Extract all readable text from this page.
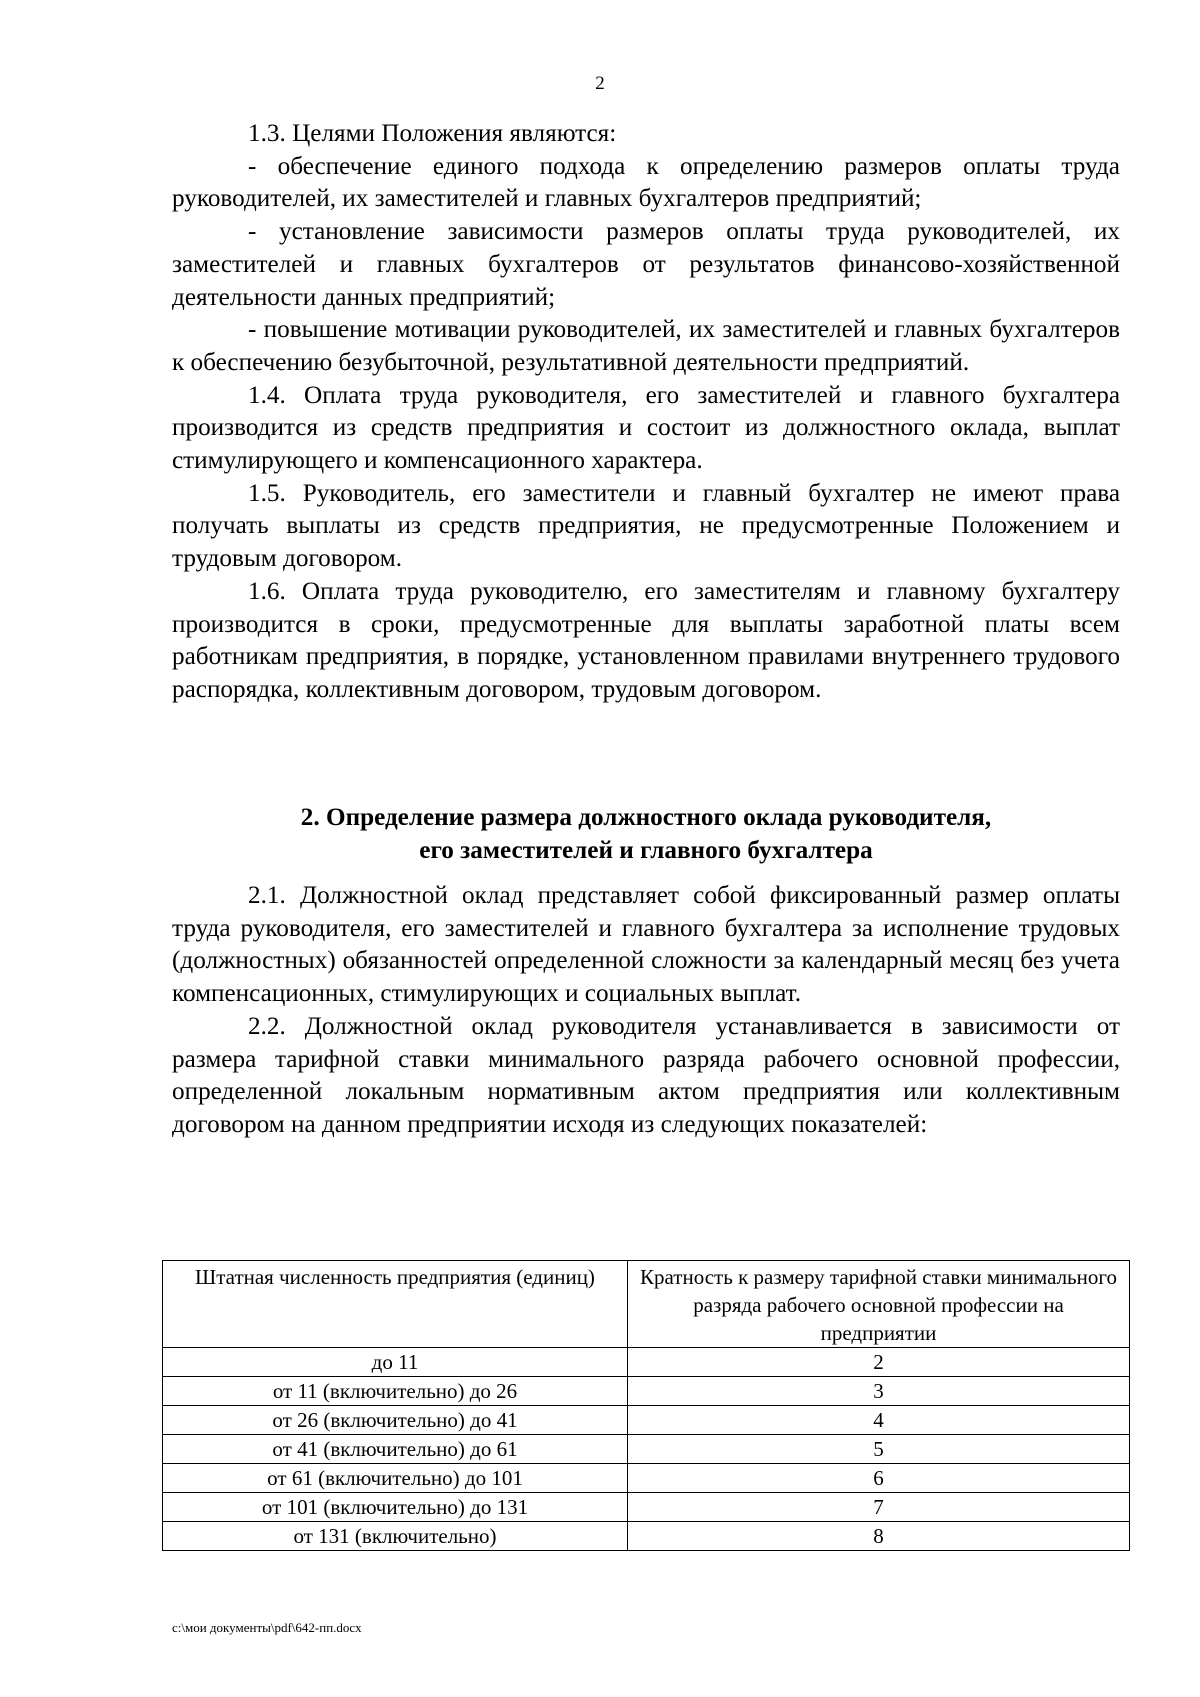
2

1.3. Целями Положения являются:

- обеспечение единого подхода к определению размеров оплаты труда руководителей, их заместителей и главных бухгалтеров предприятий;

- установление зависимости размеров оплаты труда руководителей, их заместителей и главных бухгалтеров от результатов финансово-хозяйственной деятельности данных предприятий;

- повышение мотивации руководителей, их заместителей и главных бухгалтеров к обеспечению безубыточной, результативной деятельности предприятий.

1.4. Оплата труда руководителя, его заместителей и главного бухгалтера производится из средств предприятия и состоит из должностного оклада, выплат стимулирующего и компенсационного характера.

1.5. Руководитель, его заместители и главный бухгалтер не имеют права получать выплаты из средств предприятия, не предусмотренные Положением и трудовым договором.

1.6. Оплата труда руководителю, его заместителям и главному бухгалтеру производится в сроки, предусмотренные для выплаты заработной платы всем работникам предприятия, в порядке, установленном правилами внутреннего трудового распорядка, коллективным договором, трудовым договором.

2. Определение размера должностного оклада руководителя,
его заместителей и главного бухгалтера

2.1. Должностной оклад представляет собой фиксированный размер оплаты труда руководителя, его заместителей и главного бухгалтера за исполнение трудовых (должностных) обязанностей определенной сложности за календарный месяц без учета компенсационных, стимулирующих и социальных выплат.

2.2. Должностной оклад руководителя устанавливается в зависимости от размера тарифной ставки минимального разряда рабочего основной профессии, определенной локальным нормативным актом предприятия или коллективным договором на данном предприятии исходя из следующих показателей:

Штатная численность предприятия (единиц)	Кратность к размеру тарифной ставки минимального разряда рабочего основной профессии на предприятии
до 11	2
от 11 (включительно) до 26	3
от 26 (включительно) до 41	4
от 41 (включительно) до 61	5
от 61 (включительно) до 101	6
от 101 (включительно) до 131	7
от 131 (включительно)	8
c:\мои документы\pdf\642-пп.docx
